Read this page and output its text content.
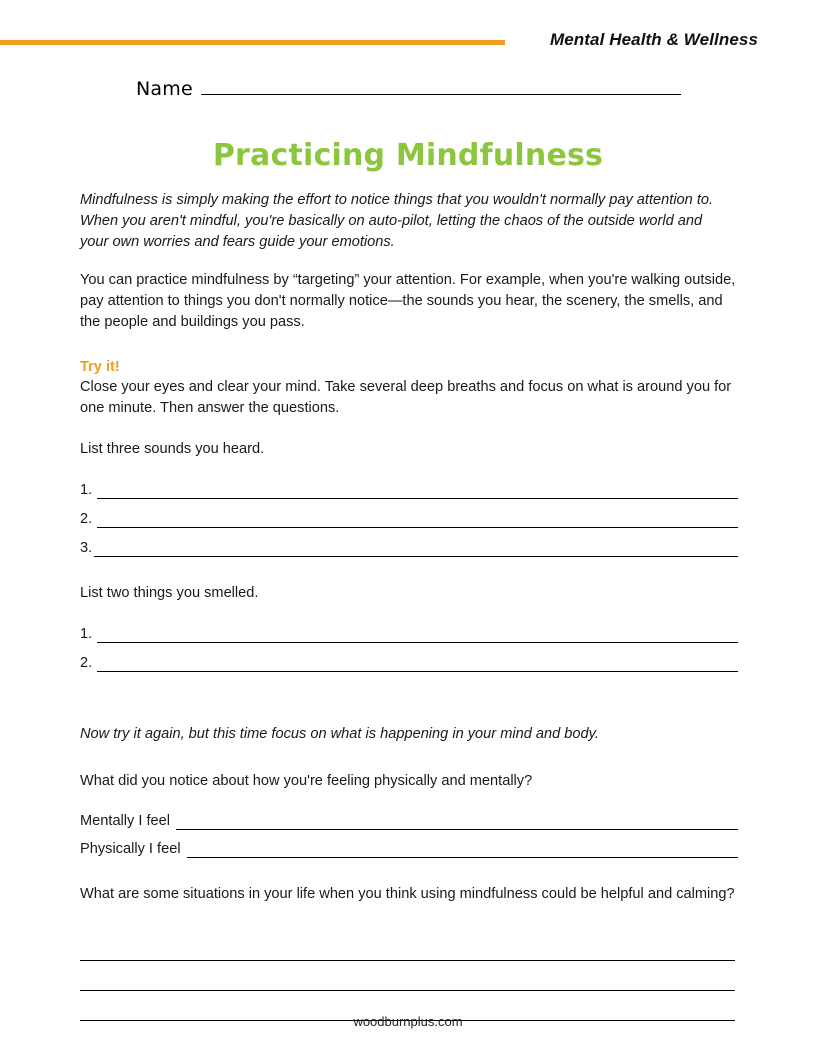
Mental Health & Wellness
Name
Practicing Mindfulness

Mindfulness is simply making the effort to notice things that you wouldn't normally pay attention to. When you aren't mindful, you're basically on auto-pilot, letting the chaos of the outside world and your own worries and fears guide your emotions.

You can practice mindfulness by “targeting” your attention. For example, when you're walking outside, pay attention to things you don't normally notice—the sounds you hear, the scenery, the smells, and the people and buildings you pass.

Try it!

Close your eyes and clear your mind. Take several deep breaths and focus on what is around you for one minute. Then answer the questions.

List three sounds you heard.
1.
2.
3.
List two things you smelled.
1.
2.

Now try it again, but this time focus on what is happening in your mind and body.

What did you notice about how you're feeling physically and mentally?
Mentally I feel
Physically I feel

What are some situations in your life when you think using mindfulness could be helpful and calming?

woodburnplus.com
